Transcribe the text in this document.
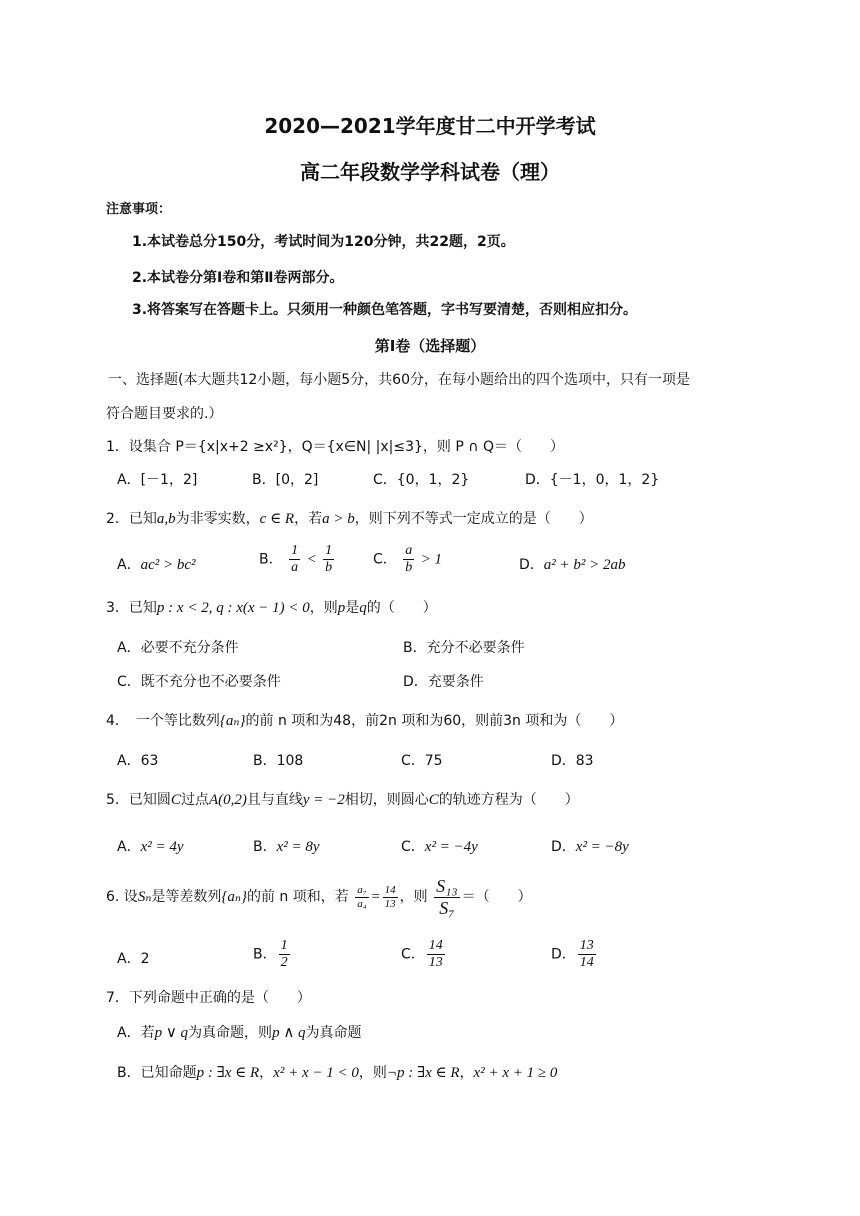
2020—2021学年度甘二中开学考试
高二年段数学学科试卷（理）
注意事项：
1.本试卷总分150分，考试时间为120分钟，共22题，2页。
2.本试卷分第Ⅰ卷和第Ⅱ卷两部分。
3.将答案写在答题卡上。只须用一种颜色笔答题，字书写要清楚，否则相应扣分。
第Ⅰ卷（选择题）
一、选择题(本大题共12小题，每小题5分，共60分，在每小题给出的四个选项中，只有一项是
符合题目要求的.）
1．设集合 P＝{x|x+2 ≥x²}，Q＝{x∈N| |x|≤3}，则 P ∩ Q＝（　　）
A．[－1，2]	B．[0，2]	C．{0，1，2}	D．{－1，0，1，2}
2．已知a,b为非零实数，c ∈ R，若a > b，则下列不等式一定成立的是（　　）
A．ac² > bc²	B． $\frac{1}{a} < \frac{1}{b}$	C． $\frac{a}{b} > 1$	D．a² + b² > 2ab
3．已知p : x < 2, q : x(x − 1) < 0，则p是q的（　　）
A．必要不充分条件	B．充分不必要条件
C．既不充分也不必要条件	D．充要条件
4．　一个等比数列{aₙ}的前 n 项和为48，前2n 项和为60，则前3n 项和为（　　）
A．63	B．108	C．75	D．83
5．已知圆C过点A(0,2)且与直线y = −2相切，则圆心C的轨迹方程为（　　）
A．x² = 4y	B．x² = 8y	C．x² = −4y	D．x² = −8y
6. 设Sₙ是等差数列{aₙ}的前 n 项和，若 $\frac{\text{a₇}}{\text{a₄}} = \frac{14}{13}$ ，则 $\frac{\text{S₁₃}}{\text{S₇}}$ ＝（　　）
A．2	B． $\frac{1}{2}$	C． $\frac{14}{13}$	D． $\frac{13}{14}$
7．下列命题中正确的是（　　）
A．若p ∨ q为真命题，则p ∧ q为真命题
B．已知命题p : ∃x ∈ R，x² + x − 1 < 0，则¬p : ∃x ∈ R，x² + x + 1 ≥ 0
